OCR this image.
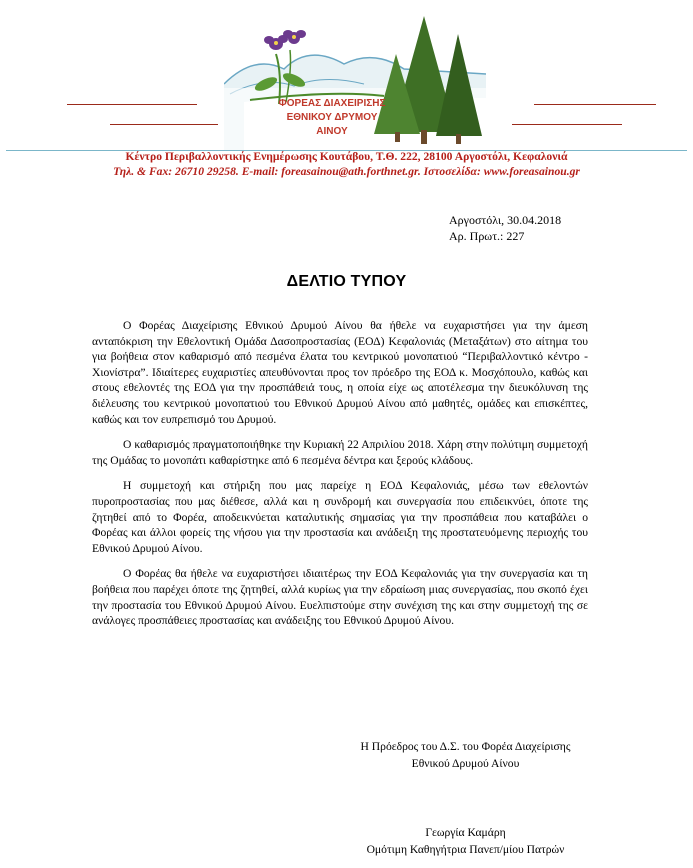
ΦΟΡΕΑΣ ΔΙΑΧΕΙΡΙΣΗΣ
ΕΘΝΙΚΟΥ ΔΡΥΜΟΥ
ΑΙΝΟΥ
Κέντρο Περιβαλλοντικής Ενημέρωσης Κουτάβου, Τ.Θ. 222, 28100 Αργοστόλι, Κεφαλονιά
Τηλ. & Fax: 26710 29258. E-mail: foreasainou@ath.forthnet.gr. Ιστοσελίδα: www.foreasainou.gr
Αργοστόλι, 30.04.2018
Αρ. Πρωτ.: 227
ΔΕΛΤΙΟ ΤΥΠΟΥ

Ο Φορέας Διαχείρισης Εθνικού Δρυμού Αίνου θα ήθελε να ευχαριστήσει για την άμεση ανταπόκριση την Εθελοντική Ομάδα Δασοπροστασίας (ΕΟΔ) Κεφαλονιάς (Μεταξάτων) στο αίτημα του για βοήθεια στον καθαρισμό από πεσμένα έλατα του κεντρικού μονοπατιού “Περιβαλλοντικό κέντρο - Χιονίστρα”. Ιδιαίτερες ευχαριστίες απευθύνονται προς τον πρόεδρο της ΕΟΔ κ. Μοσχόπουλο, καθώς και στους εθελοντές της ΕΟΔ για την προσπάθειά τους, η οποία είχε ως αποτέλεσμα την διευκόλυνση της διέλευσης του κεντρικού μονοπατιού του Εθνικού Δρυμού Αίνου από μαθητές, ομάδες και επισκέπτες, καθώς και τον ευπρεπισμό του Δρυμού.

Ο καθαρισμός πραγματοποιήθηκε την Κυριακή 22 Απριλίου 2018. Χάρη στην πολύτιμη συμμετοχή της Ομάδας το μονοπάτι καθαρίστηκε από 6 πεσμένα δέντρα και ξερούς κλάδους.

Η συμμετοχή και στήριξη που μας παρείχε η ΕΟΔ Κεφαλονιάς, μέσω των εθελοντών πυροπροστασίας που μας διέθεσε, αλλά και η συνδρομή και συνεργασία που επιδεικνύει, όποτε της ζητηθεί από το Φορέα, αποδεικνύεται καταλυτικής σημασίας για την προσπάθεια που καταβάλει ο Φορέας και άλλοι φορείς της νήσου για την προστασία και ανάδειξη της προστατευόμενης περιοχής του Εθνικού Δρυμού Αίνου.

Ο Φορέας θα ήθελε να ευχαριστήσει ιδιαιτέρως την ΕΟΔ Κεφαλονιάς για την συνεργασία και τη βοήθεια που παρέχει όποτε της ζητηθεί, αλλά κυρίως για την εδραίωση μιας συνεργασίας, που σκοπό έχει την προστασία του Εθνικού Δρυμού Αίνου. Ευελπιστούμε στην συνέχιση της και στην συμμετοχή της σε ανάλογες προσπάθειες προστασίας και ανάδειξης του Εθνικού Δρυμού Αίνου.

Η Πρόεδρος του Δ.Σ. του Φορέα Διαχείρισης
Εθνικού Δρυμού Αίνου
Γεωργία Καμάρη
Ομότιμη Καθηγήτρια Πανεπ/μίου Πατρών
